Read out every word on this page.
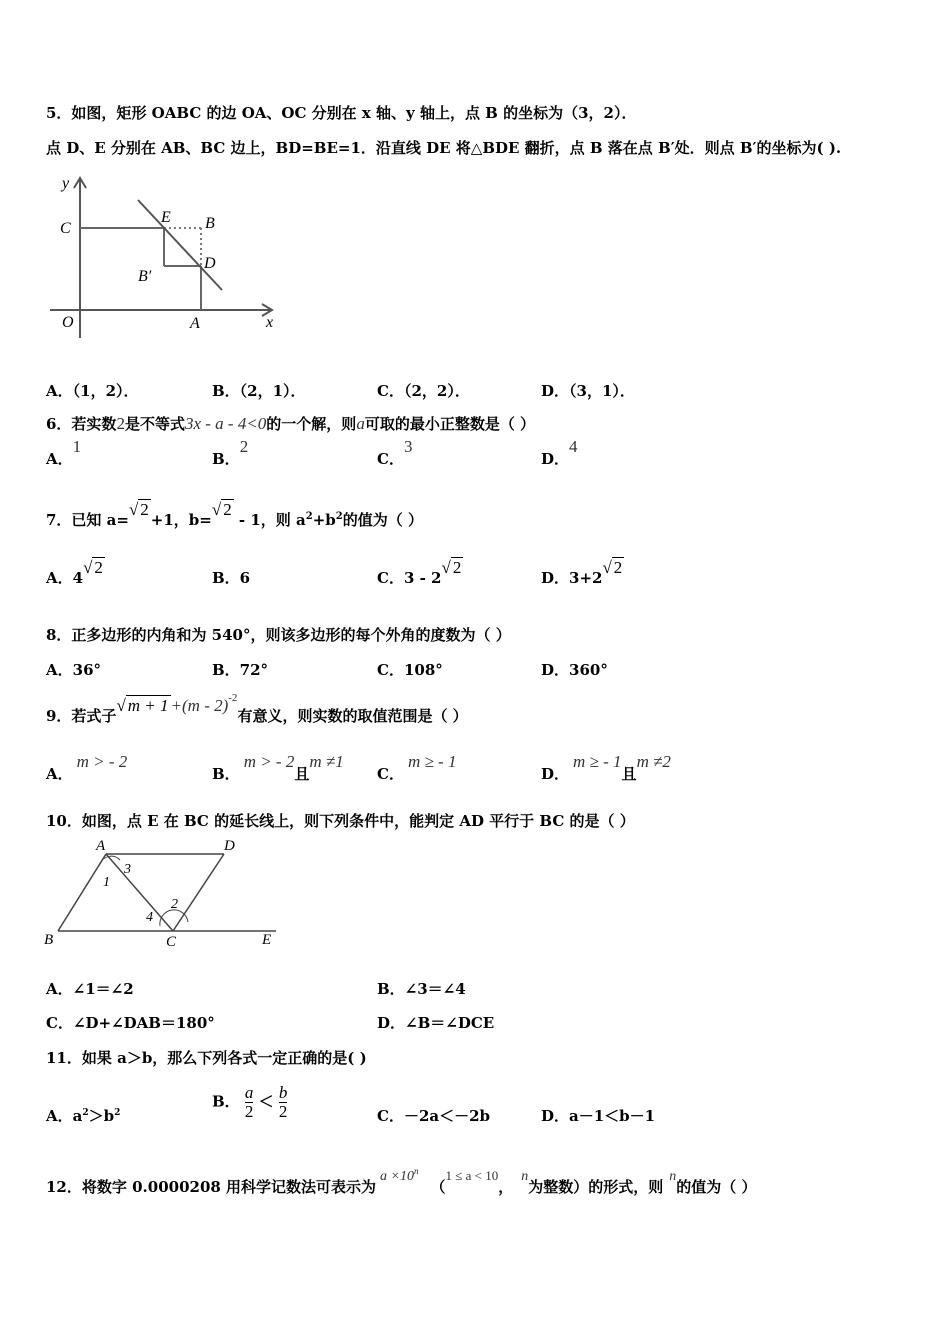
5．如图，矩形 OABC 的边 OA、OC 分别在 x 轴、y 轴上，点 B 的坐标为（3，2）．
点 D、E 分别在 AB、BC 边上，BD=BE=1．沿直线 DE 将△BDE 翻折，点 B 落在点 B′处．则点 B′的坐标为( ).
y
x
C
O	A
E B
D
B′
A．（1，2）．	B．（2，1）．	C．（2，2）．	D．（3，1）．
6．若实数2是不等式3x - a - 4<0的一个解，则a可取的最小正整数是（ ）
A．1
B．2
C．3
D．4
7．已知 a=√ 2+1，b=√ 2 - 1，则 $a^2+b^2$的值为（ ）
A．4√ 2
B．6	C．3 - 2√ 2
D．3+2√ 2
8．正多边形的内角和为 540°，则该多边形的每个外角的度数为（ ）
A．36°	B．72°	C．108°	D．360°
9．若式子√ m + 1 +(m - 2)$^{-2}$有意义，则实数的取值范围是（ ）
A．m > - 2
B．m > - 2且m ≠1
C．m ≥ - 1
D．m ≥ - 1且m ≠2
10．如图，点 E 在 BC 的延长线上，则下列条件中，能判定 AD 平行于 BC 的是（ ）
A	D
B	C	E
1
3
2
4
A．∠1＝∠2	B．∠3＝∠4
C．∠D+∠DAB＝180°	D．∠B＝∠DCE
11．如果 a＞b，那么下列各式一定正确的是( )
A．$a^2>b^2$
B． $\frac{a}{2} < \frac{b}{2}$	C．－2a＜－2b	D．a－1＜b－1
12．将数字 0.0000208 用科学记数法可表示为$a \times 10^n(1 \le a < 10$，n为整数）的形式，则n的值为（ ）
